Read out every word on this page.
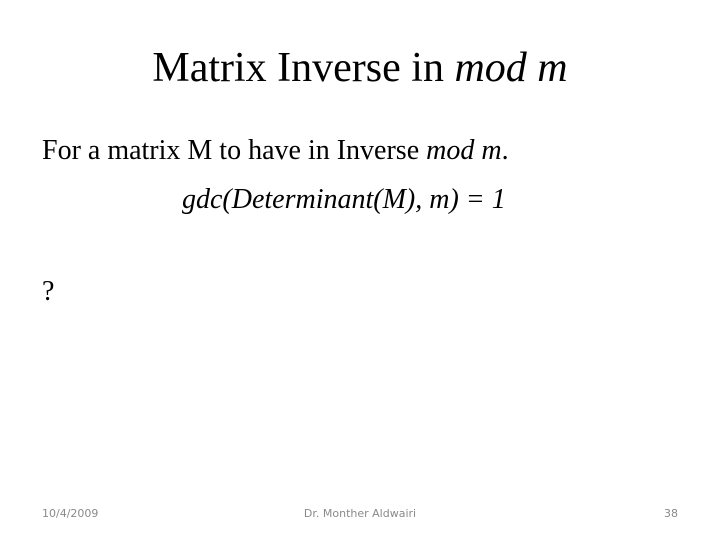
Matrix Inverse in mod m
For a matrix M to have in Inverse mod m.
gdc(Determinant(M), m) = 1
?
10/4/2009	Dr. Monther Aldwairi	38
